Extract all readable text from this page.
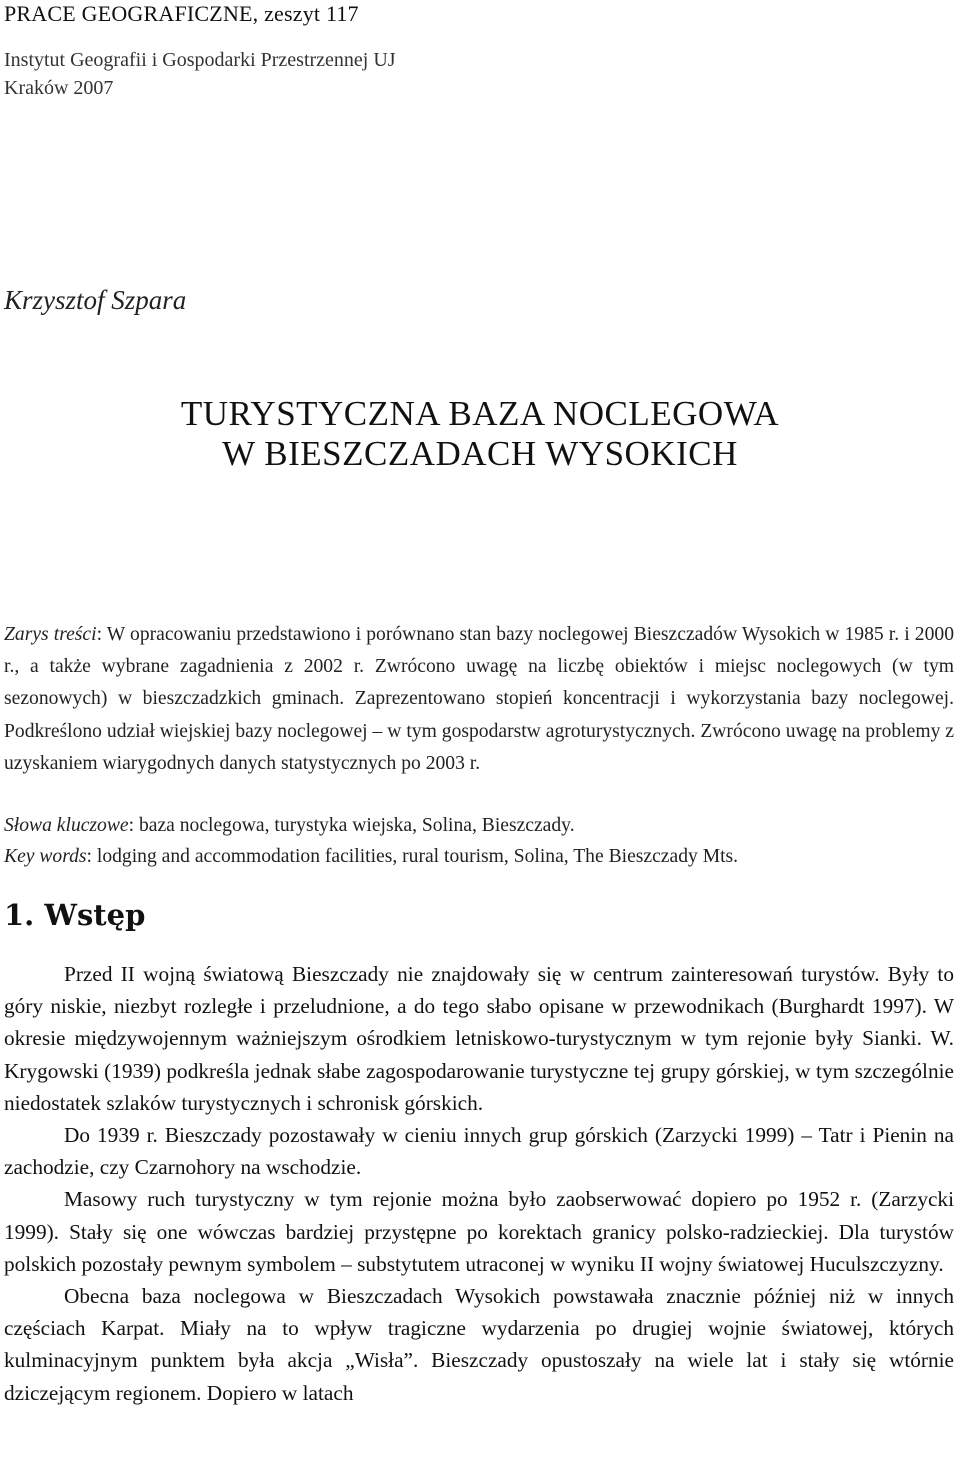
PRACE GEOGRAFICZNE, zeszyt 117

Instytut Geografii i Gospodarki Przestrzennej UJ

Kraków 2007

Krzysztof Szpara

TURYSTYCZNA BAZA NOCLEGOWA
W BIESZCZADACH WYSOKICH

Zarys treści: W opracowaniu przedstawiono i porównano stan bazy noclegowej Bieszczadów Wysokich w 1985 r. i 2000 r., a także wybrane zagadnienia z 2002 r. Zwrócono uwagę na liczbę obiektów i miejsc noclegowych (w tym sezonowych) w bieszczadzkich gminach. Zaprezentowano stopień koncentracji i wykorzystania bazy noclegowej. Podkreślono udział wiejskiej bazy noclegowej – w tym gospodarstw agroturystycznych. Zwrócono uwagę na problemy z uzyskaniem wiarygodnych danych statystycznych po 2003 r.

Słowa kluczowe: baza noclegowa, turystyka wiejska, Solina, Bieszczady.
Key words: lodging and accommodation facilities, rural tourism, Solina, The Bieszczady Mts.
1. Wstęp

Przed II wojną światową Bieszczady nie znajdowały się w centrum zainteresowań turystów. Były to góry niskie, niezbyt rozległe i przeludnione, a do tego słabo opisane w przewodnikach (Burghardt 1997). W okresie międzywojennym ważniejszym ośrodkiem letniskowo-turystycznym w tym rejonie były Sianki. W. Krygowski (1939) podkreśla jednak słabe zagospodarowanie turystyczne tej grupy górskiej, w tym szczególnie niedostatek szlaków turystycznych i schronisk górskich.

Do 1939 r. Bieszczady pozostawały w cieniu innych grup górskich (Zarzycki 1999) – Tatr i Pienin na zachodzie, czy Czarnohory na wschodzie.

Masowy ruch turystyczny w tym rejonie można było zaobserwować dopiero po 1952 r. (Zarzycki 1999). Stały się one wówczas bardziej przystępne po korektach granicy polsko-radzieckiej. Dla turystów polskich pozostały pewnym symbolem – substytutem utraconej w wyniku II wojny światowej Huculszczyzny.

Obecna baza noclegowa w Bieszczadach Wysokich powstawała znacznie później niż w innych częściach Karpat. Miały na to wpływ tragiczne wydarzenia po drugiej wojnie światowej, których kulminacyjnym punktem była akcja „Wisła”. Bieszczady opustoszały na wiele lat i stały się wtórnie dziczejącym regionem. Dopiero w latach
